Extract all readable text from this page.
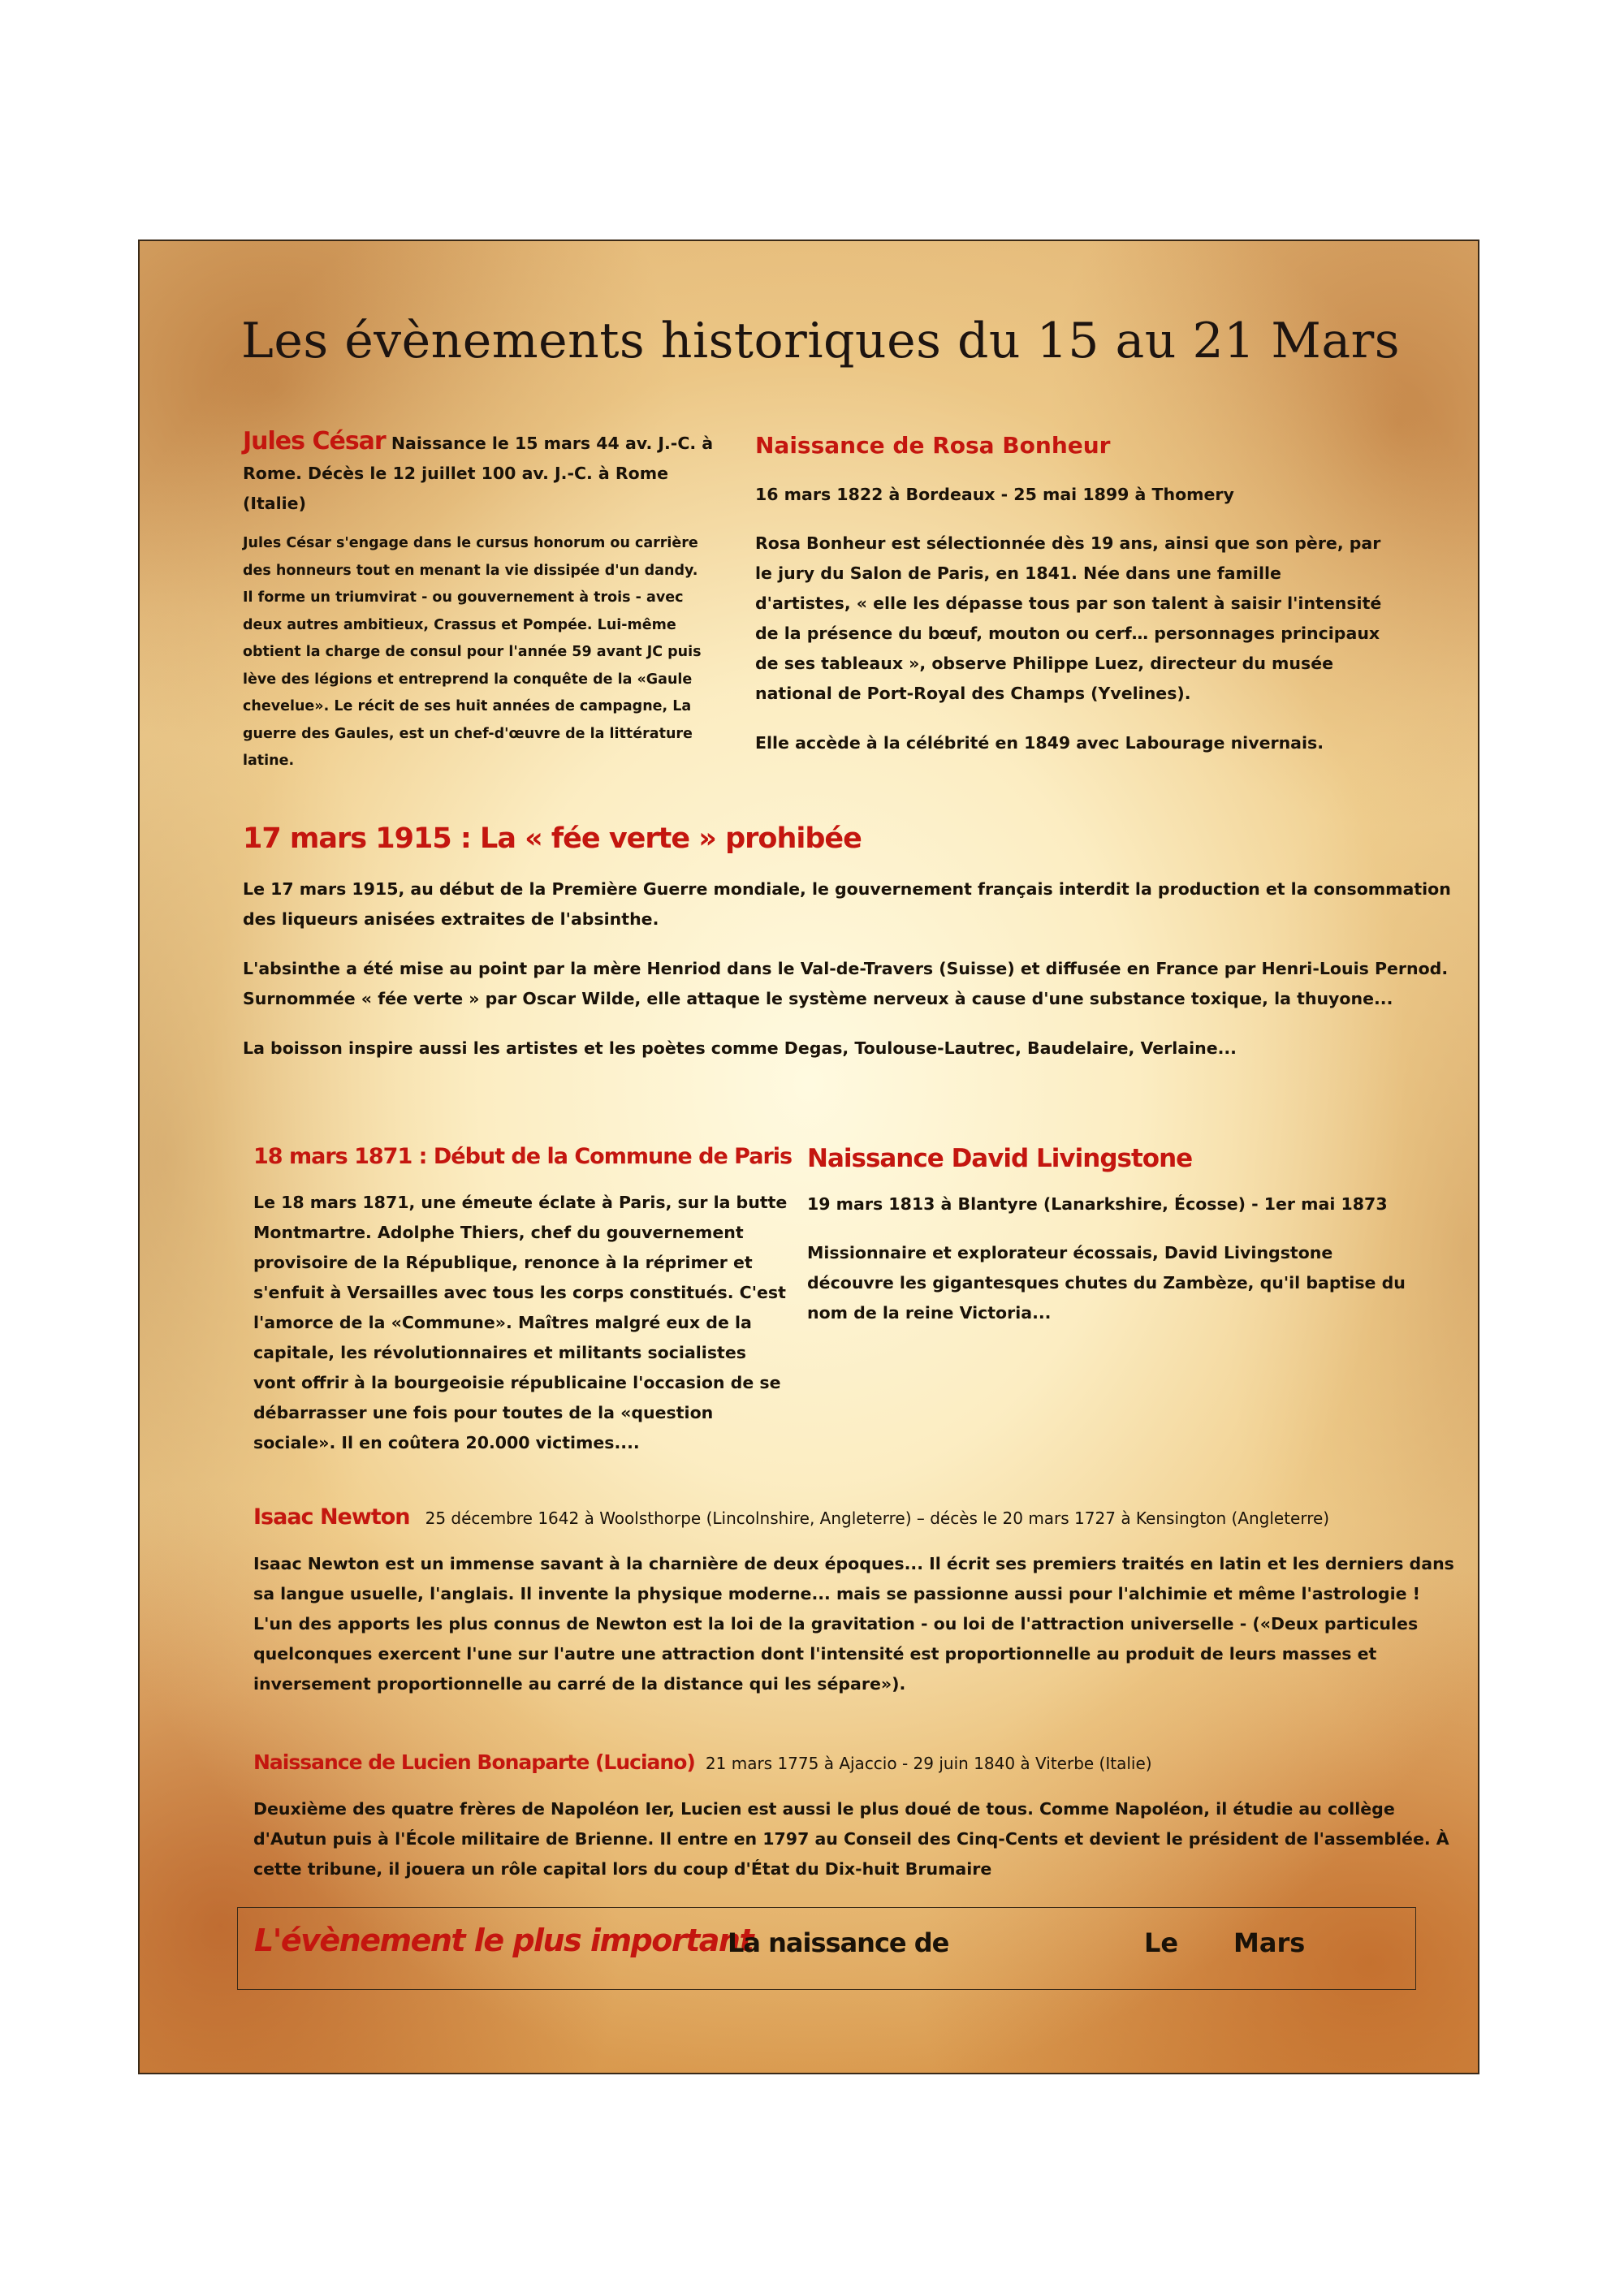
Les évènements historiques du 15 au 21 Mars
Jules César Naissance le 15 mars 44 av. J.-C. à
Rome. Décès le 12 juillet 100 av. J.-C. à Rome
(Italie)
Jules César s'engage dans le cursus honorum ou carrière
des honneurs tout en menant la vie dissipée d'un dandy.
Il forme un triumvirat - ou gouvernement à trois - avec
deux autres ambitieux, Crassus et Pompée. Lui-même
obtient la charge de consul pour l'année 59 avant JC puis
lève des légions et entreprend la conquête de la «Gaule
chevelue». Le récit de ses huit années de campagne, La
guerre des Gaules, est un chef-d'œuvre de la littérature
latine.
Naissance de Rosa Bonheur
16 mars 1822 à Bordeaux - 25 mai 1899 à Thomery
Rosa Bonheur est sélectionnée dès 19 ans, ainsi que son père, par
le jury du Salon de Paris, en 1841. Née dans une famille
d'artistes, « elle les dépasse tous par son talent à saisir l'intensité
de la présence du bœuf, mouton ou cerf… personnages principaux
de ses tableaux », observe Philippe Luez, directeur du musée
national de Port-Royal des Champs (Yvelines).
Elle accède à la célébrité en 1849 avec Labourage nivernais.
17 mars 1915 : La « fée verte » prohibée
Le 17 mars 1915, au début de la Première Guerre mondiale, le gouvernement français interdit la production et la consommation
des liqueurs anisées extraites de l'absinthe.
L'absinthe a été mise au point par la mère Henriod dans le Val-de-Travers (Suisse) et diffusée en France par Henri-Louis Pernod.
Surnommée « fée verte » par Oscar Wilde, elle attaque le système nerveux à cause d'une substance toxique, la thuyone...
La boisson inspire aussi les artistes et les poètes comme Degas, Toulouse-Lautrec, Baudelaire, Verlaine...
18 mars 1871 : Début de la Commune de Paris
Le 18 mars 1871, une émeute éclate à Paris, sur la butte
Montmartre. Adolphe Thiers, chef du gouvernement
provisoire de la République, renonce à la réprimer et
s'enfuit à Versailles avec tous les corps constitués. C'est
l'amorce de la «Commune». Maîtres malgré eux de la
capitale, les révolutionnaires et militants socialistes
vont offrir à la bourgeoisie républicaine l'occasion de se
débarrasser une fois pour toutes de la «question
sociale». Il en coûtera 20.000 victimes....
Naissance David Livingstone
19 mars 1813 à Blantyre (Lanarkshire, Écosse) - 1er mai 1873
Missionnaire et explorateur écossais, David Livingstone
découvre les gigantesques chutes du Zambèze, qu'il baptise du
nom de la reine Victoria...
Isaac Newton 25 décembre 1642 à Woolsthorpe (Lincolnshire, Angleterre) – décès le 20 mars 1727 à Kensington (Angleterre)
Isaac Newton est un immense savant à la charnière de deux époques... Il écrit ses premiers traités en latin et les derniers dans
sa langue usuelle, l'anglais. Il invente la physique moderne... mais se passionne aussi pour l'alchimie et même l'astrologie !
L'un des apports les plus connus de Newton est la loi de la gravitation - ou loi de l'attraction universelle - («Deux particules
quelconques exercent l'une sur l'autre une attraction dont l'intensité est proportionnelle au produit de leurs masses et
inversement proportionnelle au carré de la distance qui les sépare»).
Naissance de Lucien Bonaparte (Luciano) 21 mars 1775 à Ajaccio - 29 juin 1840 à Viterbe (Italie)
Deuxième des quatre frères de Napoléon Ier, Lucien est aussi le plus doué de tous. Comme Napoléon, il étudie au collège
d'Autun puis à l'École militaire de Brienne. Il entre en 1797 au Conseil des Cinq-Cents et devient le président de l'assemblée. À
cette tribune, il jouera un rôle capital lors du coup d'État du Dix-huit Brumaire
L'évènement le plus important
La naissance de	Le Mars
